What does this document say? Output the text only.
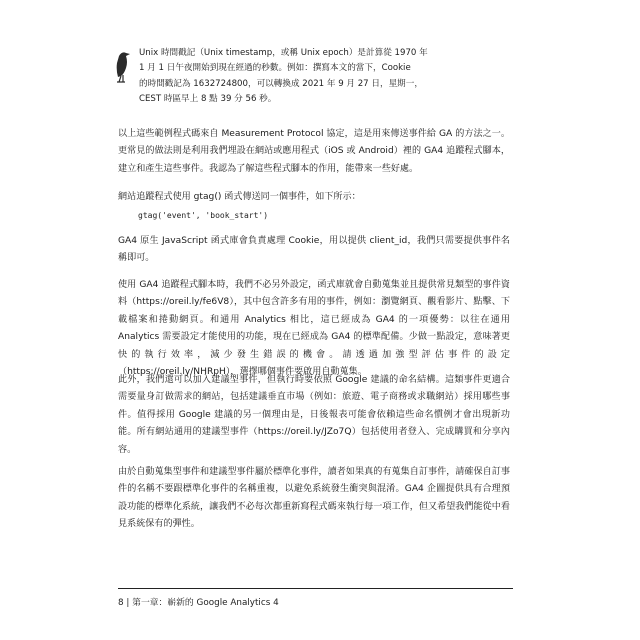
Unix 時間戳記（Unix timestamp，或稱 Unix epoch）是計算從 1970 年

1 月 1 日午夜開始到現在經過的秒數。例如：撰寫本文的當下，Cookie

的時間戳記為 1632724800，可以轉換成 2021 年 9 月 27 日，星期一，

CEST 時區早上 8 點 39 分 56 秒。

以上這些範例程式碼來自 Measurement Protocol 協定，這是用來傳送事件給 GA 的方法之一。更常見的做法則是利用我們埋設在網站或應用程式（iOS 或 Android）裡的 GA4 追蹤程式腳本，建立和產生這些事件。我認為了解這些程式腳本的作用，能帶來一些好處。

網站追蹤程式使用 gtag() 函式傳送同一個事件，如下所示：

gtag('event', 'book_start')

GA4 原生 JavaScript 函式庫會負責處理 Cookie，用以提供 client_id，我們只需要提供事件名稱即可。

使用 GA4 追蹤程式腳本時，我們不必另外設定，函式庫就會自動蒐集並且提供常見類型的事件資料（https://oreil.ly/fe6V8），其中包含許多有用的事件，例如：瀏覽網頁、觀看影片、點擊、下載檔案和捲動網頁。和通用 Analytics 相比，這已經成為 GA4 的一項優勢：以往在通用 Analytics 需要設定才能使用的功能，現在已經成為 GA4 的標準配備。少做一點設定，意味著更快的執行效率，減少發生錯誤的機會。請透過加強型評估事件的設定（https://oreil.ly/NHRpH），選擇哪個事件要啟用自動蒐集。

此外，我們還可以加入建議型事件，但執行時要依照 Google 建議的命名結構。這類事件更適合需要量身訂做需求的網站，包括建議垂直市場（例如：旅遊、電子商務或求職網站）採用哪些事件。值得採用 Google 建議的另一個理由是，日後報表可能會依賴這些命名慣例才會出現新功能。所有網站通用的建議型事件（https://oreil.ly/JZo7Q）包括使用者登入、完成購買和分享內容。

由於自動蒐集型事件和建議型事件屬於標準化事件，讀者如果真的有蒐集自訂事件，請確保自訂事件的名稱不要跟標準化事件的名稱重複，以避免系統發生衝突與混淆。GA4 企圖提供具有合理預設功能的標準化系統，讓我們不必每次都重新寫程式碼來執行每一項工作，但又希望我們能從中看見系統保有的彈性。

8 | 第一章：嶄新的 Google Analytics 4
